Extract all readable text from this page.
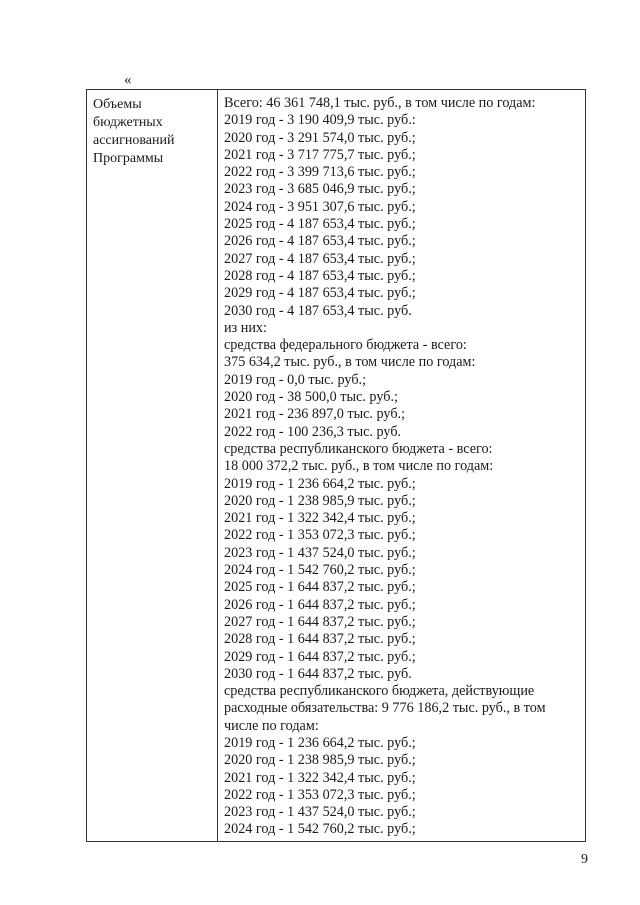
«
Объемы
бюджетных
ассигнований
Программы
Всего: 46 361 748,1 тыс. руб., в том числе по годам:
2019 год - 3 190 409,9 тыс. руб.:
2020 год - 3 291 574,0 тыс. руб.;
2021 год - 3 717 775,7 тыс. руб.;
2022 год - 3 399 713,6 тыс. руб.;
2023 год - 3 685 046,9 тыс. руб.;
2024 год - 3 951 307,6 тыс. руб.;
2025 год - 4 187 653,4 тыс. руб.;
2026 год - 4 187 653,4 тыс. руб.;
2027 год - 4 187 653,4 тыс. руб.;
2028 год - 4 187 653,4 тыс. руб.;
2029 год - 4 187 653,4 тыс. руб.;
2030 год - 4 187 653,4 тыс. руб.
из них:
средства федерального бюджета - всего:
375 634,2 тыс. руб., в том числе по годам:
2019 год - 0,0 тыс. руб.;
2020 год - 38 500,0 тыс. руб.;
2021 год - 236 897,0 тыс. руб.;
2022 год - 100 236,3 тыс. руб.
средства республиканского бюджета - всего:
18 000 372,2 тыс. руб., в том числе по годам:
2019 год - 1 236 664,2 тыс. руб.;
2020 год - 1 238 985,9 тыс. руб.;
2021 год - 1 322 342,4 тыс. руб.;
2022 год - 1 353 072,3 тыс. руб.;
2023 год - 1 437 524,0 тыс. руб.;
2024 год - 1 542 760,2 тыс. руб.;
2025 год - 1 644 837,2 тыс. руб.;
2026 год - 1 644 837,2 тыс. руб.;
2027 год - 1 644 837,2 тыс. руб.;
2028 год - 1 644 837,2 тыс. руб.;
2029 год - 1 644 837,2 тыс. руб.;
2030 год - 1 644 837,2 тыс. руб.
средства республиканского бюджета, действующие
расходные обязательства: 9 776 186,2 тыс. руб., в том
числе по годам:
2019 год - 1 236 664,2 тыс. руб.;
2020 год - 1 238 985,9 тыс. руб.;
2021 год - 1 322 342,4 тыс. руб.;
2022 год - 1 353 072,3 тыс. руб.;
2023 год - 1 437 524,0 тыс. руб.;
2024 год - 1 542 760,2 тыс. руб.;
9
